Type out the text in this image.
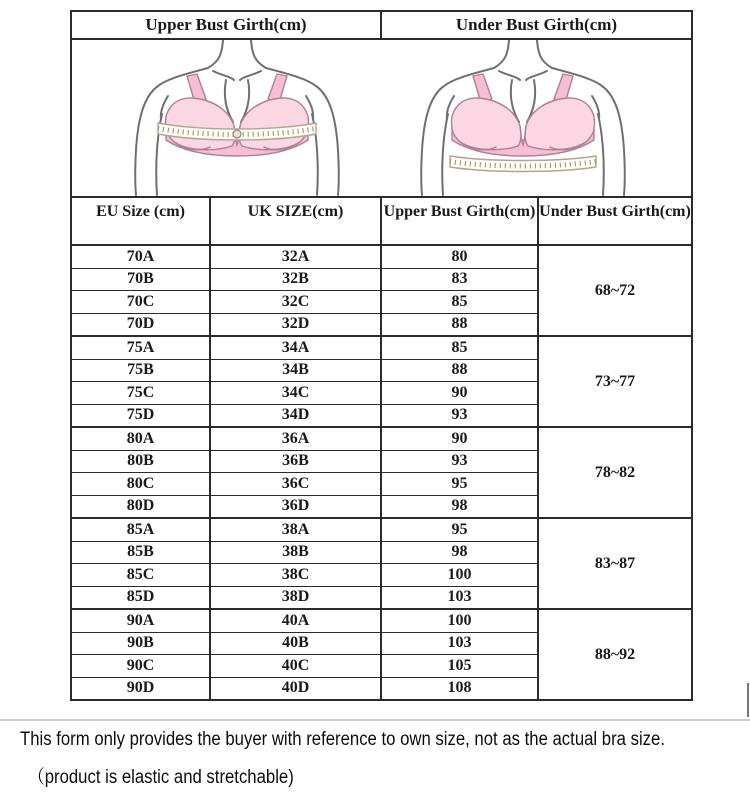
Upper Bust Girth(cm)		Under Bust Girth(cm)	

EU Size (cm)	UK SIZE(cm)	Upper Bust Girth(cm)	Under Bust Girth(cm)
70A	32A	80	68~72
70B	32B	83	
70C	32C	85	
70D	32D	88	
75A	34A	85	73~77
75B	34B	88	
75C	34C	90	
75D	34D	93	
80A	36A	90	78~82
80B	36B	93	
80C	36C	95	
80D	36D	98	
85A	38A	95	83~87
85B	38B	98	
85C	38C	100	
85D	38D	103	
90A	40A	100	88~92
90B	40B	103	
90C	40C	105	
90D	40D	108	
This form only provides the buyer with reference to own size, not as the actual bra size.
（product is elastic and stretchable)
